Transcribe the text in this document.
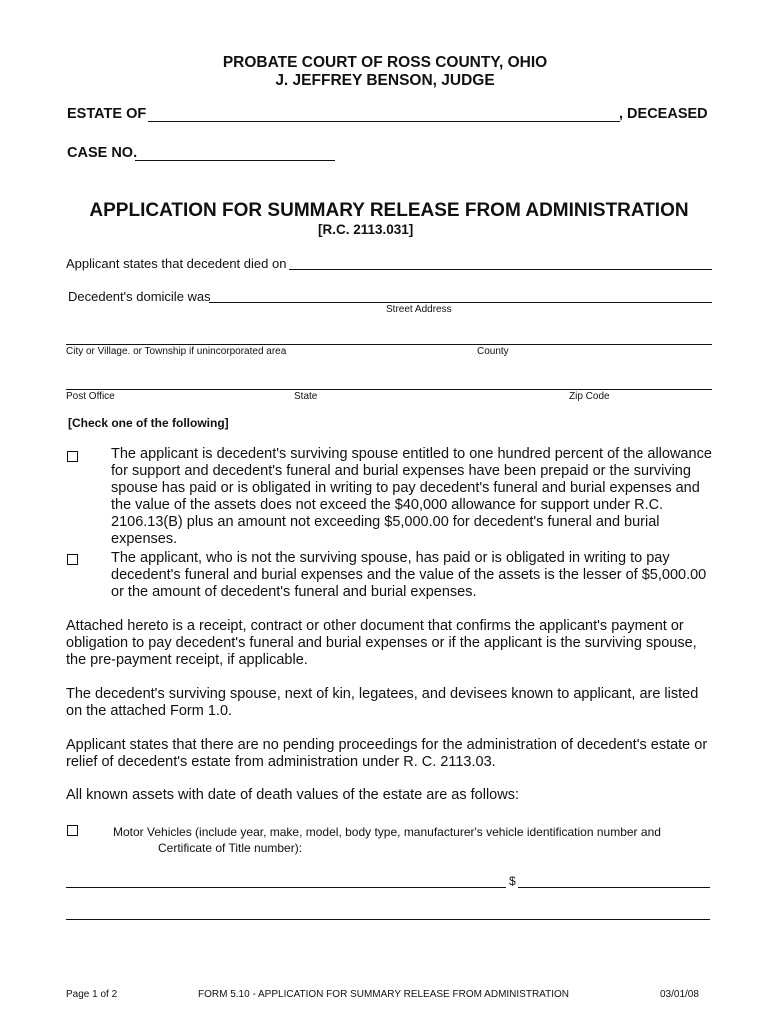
PROBATE COURT OF ROSS COUNTY, OHIO
J. JEFFREY BENSON, JUDGE
ESTATE OF	, DECEASED
CASE NO.
APPLICATION FOR SUMMARY RELEASE FROM ADMINISTRATION
[R.C. 2113.031]
Applicant states that decedent died on
Decedent's domicile was
Street Address
City or Village. or Township if unincorporated area	County
Post Office	State	Zip Code
[Check one of the following]

The applicant is decedent's surviving spouse entitled to one hundred percent of the allowance for support and decedent's funeral and burial expenses have been prepaid or the surviving spouse has paid or is obligated in writing to pay decedent's funeral and burial expenses and the value of the assets does not exceed the $40,000 allowance for support under R.C. 2106.13(B) plus an amount not exceeding $5,000.00 for decedent's funeral and burial expenses.

The applicant, who is not the surviving spouse, has paid or is obligated in writing to pay decedent's funeral and burial expenses and the value of the assets is the lesser of $5,000.00 or the amount of decedent's funeral and burial expenses.

Attached hereto is a receipt, contract or other document that confirms the applicant's payment or obligation to pay decedent's funeral and burial expenses or if the applicant is the surviving spouse, the pre-payment receipt, if applicable.

The decedent's surviving spouse, next of kin, legatees, and devisees known to applicant, are listed on the attached Form 1.0.

Applicant states that there are no pending proceedings for the administration of decedent's estate or relief of decedent's estate from administration under R. C. 2113.03.

All known assets with date of death values of the estate are as follows:

Motor Vehicles (include year, make, model, body type, manufacturer's vehicle identification number and
Certificate of Title number):
$
Page 1 of 2	FORM 5.10 - APPLICATION FOR SUMMARY RELEASE FROM ADMINISTRATION	03/01/08
